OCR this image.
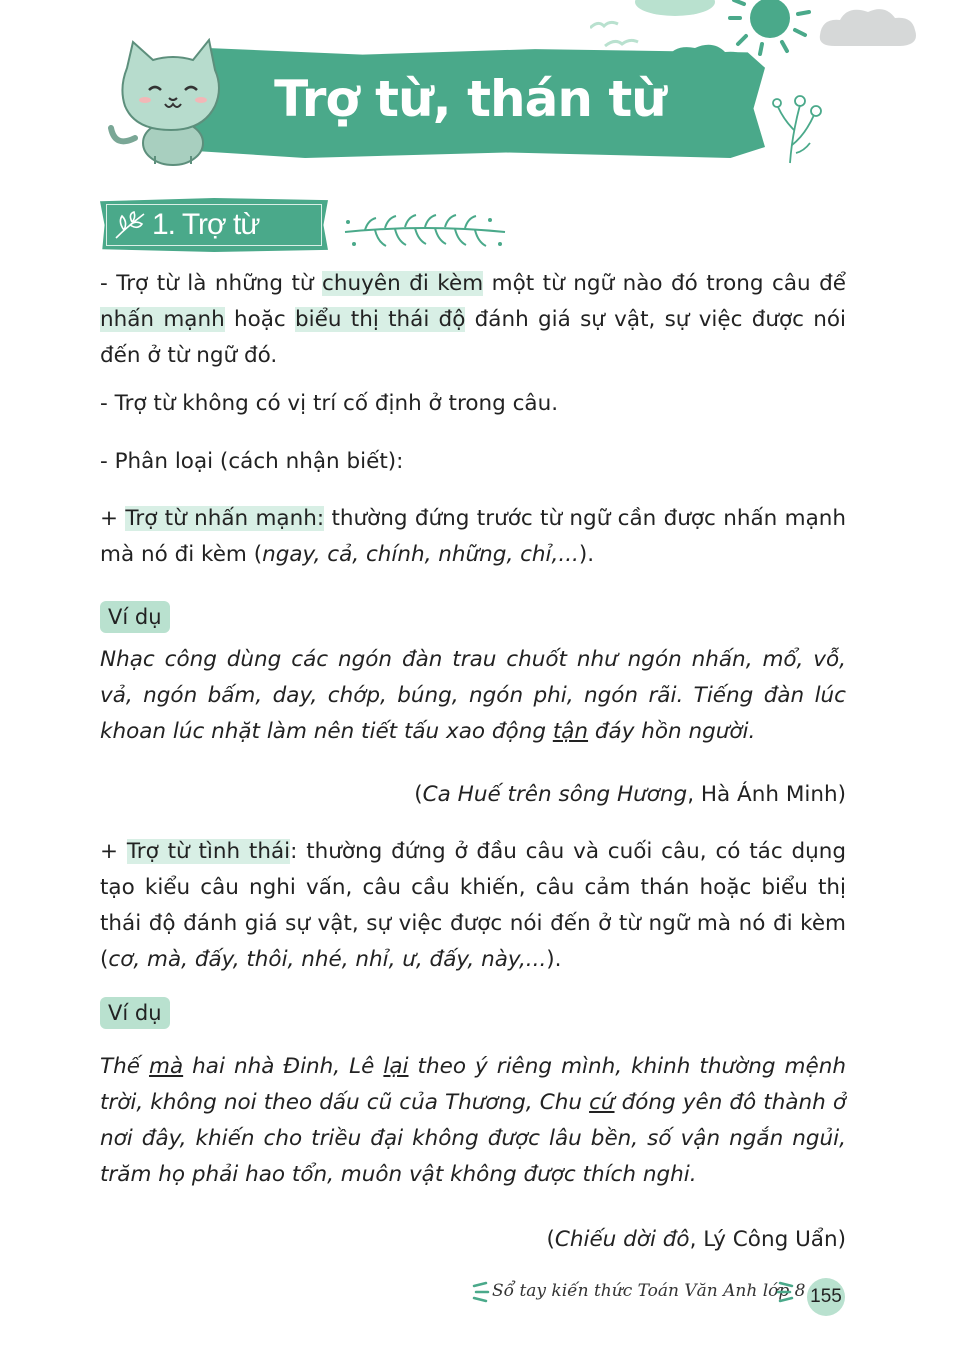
Trợ từ, thán từ
1. Trợ từ
- Trợ từ là những từ chuyên đi kèm một từ ngữ nào đó trong câu để nhấn mạnh hoặc biểu thị thái độ đánh giá sự vật, sự việc được nói đến ở từ ngữ đó.
- Trợ từ không có vị trí cố định ở trong câu.
- Phân loại (cách nhận biết):
+ Trợ từ nhấn mạnh: thường đứng trước từ ngữ cần được nhấn mạnh mà nó đi kèm (ngay, cả, chính, những, chỉ,...).
Ví dụ
Nhạc công dùng các ngón đàn trau chuốt như ngón nhấn, mổ, vỗ, vả, ngón bấm, day, chớp, búng, ngón phi, ngón rãi. Tiếng đàn lúc khoan lúc nhặt làm nên tiết tấu xao động tận đáy hồn người.
(Ca Huế trên sông Hương, Hà Ánh Minh)
+ Trợ từ tình thái: thường đứng ở đầu câu và cuối câu, có tác dụng tạo kiểu câu nghi vấn, câu cầu khiến, câu cảm thán hoặc biểu thị thái độ đánh giá sự vật, sự việc được nói đến ở từ ngữ mà nó đi kèm (cơ, mà, đấy, thôi, nhé, nhỉ, ư, đấy, này,...).
Ví dụ
Thế mà hai nhà Đinh, Lê lại theo ý riêng mình, khinh thường mệnh trời, không noi theo dấu cũ của Thương, Chu cứ đóng yên đô thành ở nơi đây, khiến cho triều đại không được lâu bền, số vận ngắn ngủi, trăm họ phải hao tổn, muôn vật không được thích nghi.
(Chiếu dời đô, Lý Công Uẩn)
Sổ tay kiến thức Toán Văn Anh lớp 8 155
